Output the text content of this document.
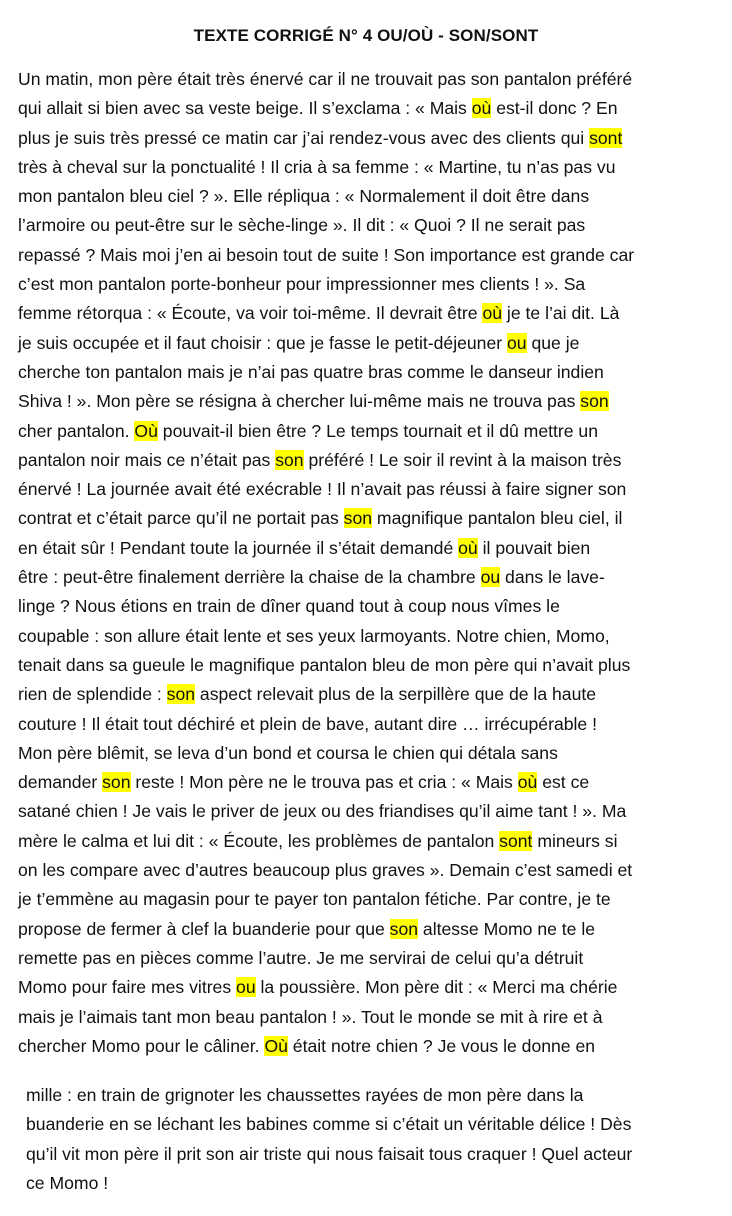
TEXTE CORRIGÉ N° 4 OU/OÙ - SON/SONT
Un matin, mon père était très énervé car il ne trouvait pas son pantalon préféré
qui allait si bien avec sa veste beige. Il s’exclama : « Mais où est-il donc ? En
plus je suis très pressé ce matin car j’ai rendez-vous avec des clients qui sont
très à cheval sur la ponctualité ! Il cria à sa femme : « Martine, tu n’as pas vu
mon pantalon bleu ciel ? ». Elle répliqua : « Normalement il doit être dans
l’armoire ou peut-être sur le sèche-linge ». Il dit : « Quoi ? Il ne serait pas
repassé ? Mais moi j’en ai besoin tout de suite ! Son importance est grande car
c’est mon pantalon porte-bonheur pour impressionner mes clients ! ». Sa
femme rétorqua : « Écoute, va voir toi-même. Il devrait être où je te l’ai dit. Là
je suis occupée et il faut choisir : que je fasse le petit-déjeuner ou que je
cherche ton pantalon mais je n’ai pas quatre bras comme le danseur indien
Shiva ! ». Mon père se résigna à chercher lui-même mais ne trouva pas son
cher pantalon. Où pouvait-il bien être ? Le temps tournait et il dû mettre un
pantalon noir mais ce n’était pas son préféré ! Le soir il revint à la maison très
énervé ! La journée avait été exécrable ! Il n’avait pas réussi à faire signer son
contrat et c’était parce qu’il ne portait pas son magnifique pantalon bleu ciel, il
en était sûr ! Pendant toute la journée il s’était demandé où il pouvait bien
être : peut-être finalement derrière la chaise de la chambre ou dans le lave-
linge ? Nous étions en train de dîner quand tout à coup nous vîmes le
coupable : son allure était lente et ses yeux larmoyants. Notre chien, Momo,
tenait dans sa gueule le magnifique pantalon bleu de mon père qui n’avait plus
rien de splendide : son aspect relevait plus de la serpillère que de la haute
couture ! Il était tout déchiré et plein de bave, autant dire … irrécupérable !
Mon père blêmit, se leva d’un bond et coursa le chien qui détala sans
demander son reste ! Mon père ne le trouva pas et cria : « Mais où est ce
satané chien ! Je vais le priver de jeux ou des friandises qu’il aime tant ! ». Ma
mère le calma et lui dit : « Écoute, les problèmes de pantalon sont mineurs si
on les compare avec d’autres beaucoup plus graves ». Demain c’est samedi et
je t’emmène au magasin pour te payer ton pantalon fétiche. Par contre, je te
propose de fermer à clef la buanderie pour que son altesse Momo ne te le
remette pas en pièces comme l’autre. Je me servirai de celui qu’a détruit
Momo pour faire mes vitres ou la poussière. Mon père dit : « Merci ma chérie
mais je l’aimais tant mon beau pantalon ! ». Tout le monde se mit à rire et à
chercher Momo pour le câliner. Où était notre chien ? Je vous le donne en
mille : en train de grignoter les chaussettes rayées de mon père dans la
buanderie en se léchant les babines comme si c’était un véritable délice ! Dès
qu’il vit mon père il prit son air triste qui nous faisait tous craquer ! Quel acteur
ce Momo !
